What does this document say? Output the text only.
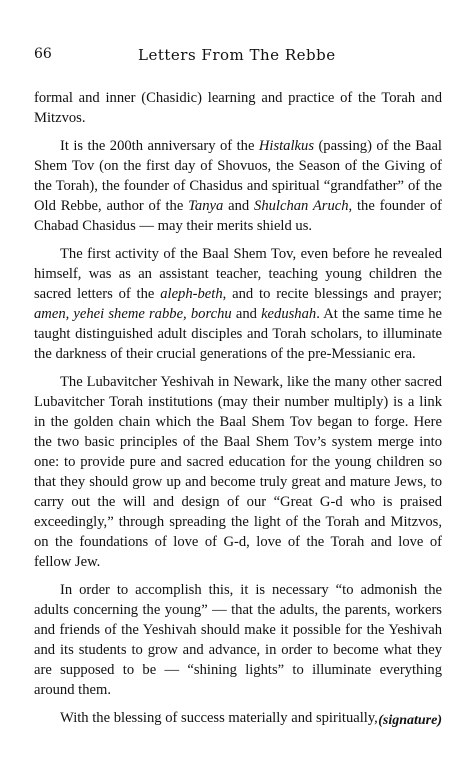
66	Letters From The Rebbe

formal and inner (Chasidic) learning and practice of the Torah and Mitzvos.

It is the 200th anniversary of the Histalkus (passing) of the Baal Shem Tov (on the first day of Shovuos, the Season of the Giving of the Torah), the founder of Chasidus and spiritual “grandfather” of the Old Rebbe, author of the Tanya and Shulchan Aruch, the founder of Chabad Chasidus — may their merits shield us.

The first activity of the Baal Shem Tov, even before he revealed himself, was as an assistant teacher, teaching young children the sacred letters of the aleph-beth, and to recite blessings and prayer; amen, yehei sheme rabbe, borchu and kedushah. At the same time he taught distinguished adult disciples and Torah scholars, to illuminate the darkness of their crucial generations of the pre-Messianic era.

The Lubavitcher Yeshivah in Newark, like the many other sacred Lubavitcher Torah institutions (may their number multiply) is a link in the golden chain which the Baal Shem Tov began to forge. Here the two basic principles of the Baal Shem Tov’s system merge into one: to provide pure and sacred education for the young children so that they should grow up and become truly great and mature Jews, to carry out the will and design of our “Great G-d who is praised exceedingly,” through spreading the light of the Torah and Mitzvos, on the foundations of love of G-d, love of the Torah and love of fellow Jew.

In order to accomplish this, it is necessary “to admonish the adults concerning the young” — that the adults, the parents, workers and friends of the Yeshivah should make it possible for the Yeshivah and its students to grow and advance, in order to become what they are supposed to be — “shining lights” to illuminate everything around them.

With the blessing of success materially and spiritually, (signature)
